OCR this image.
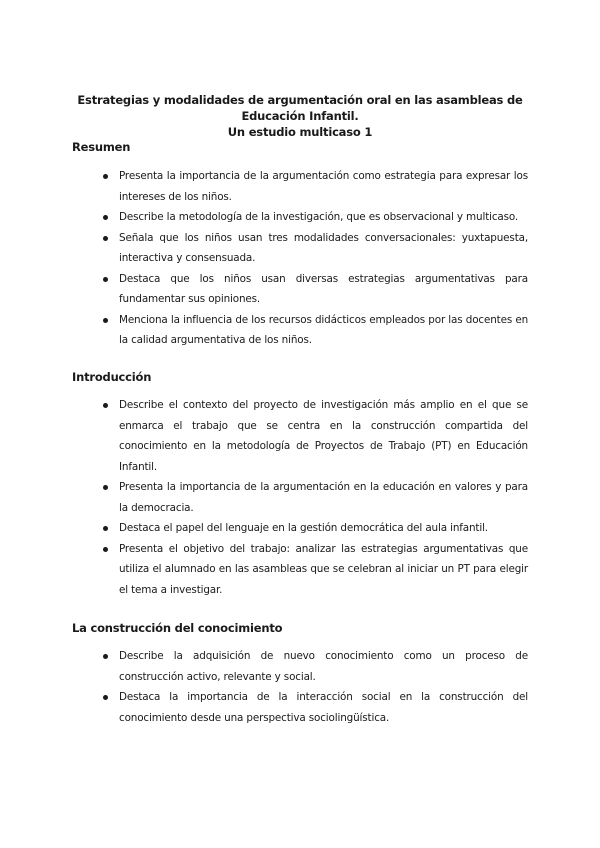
Estrategias y modalidades de argumentación oral en las asambleas de Educación Infantil.
Un estudio multicaso 1
Resumen
Presenta la importancia de la argumentación como estrategia para expresar los intereses de los niños.
Describe la metodología de la investigación, que es observacional y multicaso.
Señala que los niños usan tres modalidades conversacionales: yuxtapuesta, interactiva y consensuada.
Destaca que los niños usan diversas estrategias argumentativas para fundamentar sus opiniones.
Menciona la influencia de los recursos didácticos empleados por las docentes en la calidad argumentativa de los niños.
Introducción
Describe el contexto del proyecto de investigación más amplio en el que se enmarca el trabajo que se centra en la construcción compartida del conocimiento en la metodología de Proyectos de Trabajo (PT) en Educación Infantil.
Presenta la importancia de la argumentación en la educación en valores y para la democracia.
Destaca el papel del lenguaje en la gestión democrática del aula infantil.
Presenta el objetivo del trabajo: analizar las estrategias argumentativas que utiliza el alumnado en las asambleas que se celebran al iniciar un PT para elegir el tema a investigar.
La construcción del conocimiento
Describe la adquisición de nuevo conocimiento como un proceso de construcción activo, relevante y social.
Destaca la importancia de la interacción social en la construcción del conocimiento desde una perspectiva sociolingüística.
